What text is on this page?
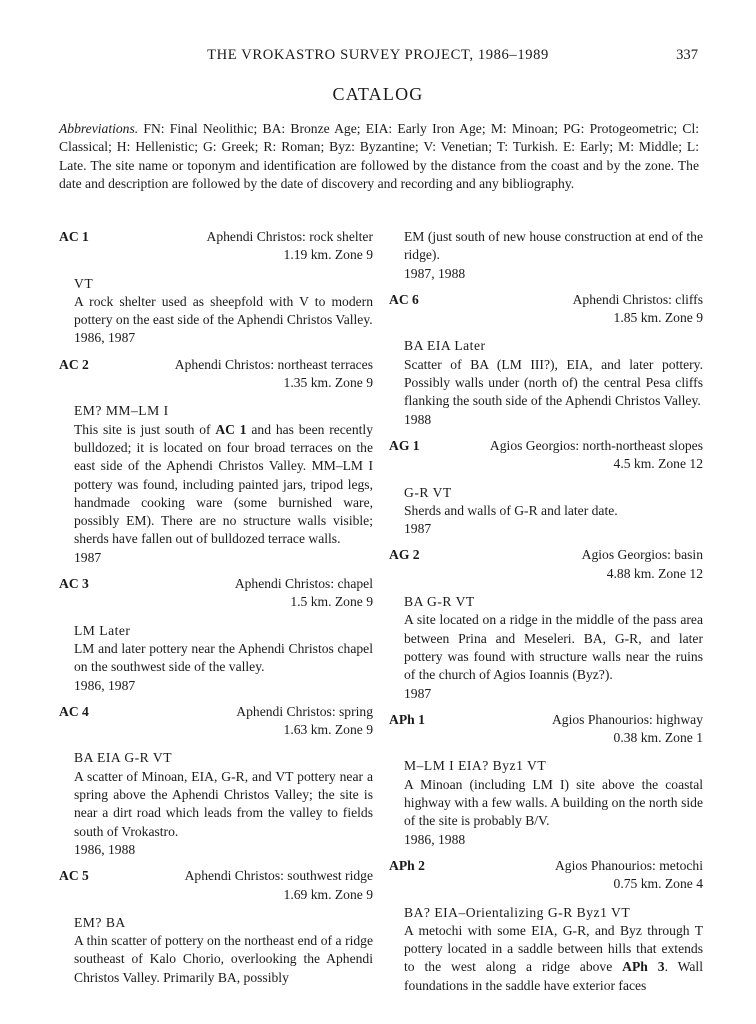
THE VROKASTRO SURVEY PROJECT, 1986–1989	337
CATALOG
Abbreviations. FN: Final Neolithic; BA: Bronze Age; EIA: Early Iron Age; M: Minoan; PG: Protogeometric; Cl: Classical; H: Hellenistic; G: Greek; R: Roman; Byz: Byzantine; V: Venetian; T: Turkish. E: Early; M: Middle; L: Late. The site name or toponym and identification are followed by the distance from the coast and by the zone. The date and description are followed by the date of discovery and recording and any bibliography.
AC 1	Aphendi Christos: rock shelter
1.19 km. Zone 9
VT
A rock shelter used as sheepfold with V to modern pottery on the east side of the Aphendi Christos Valley.
1986, 1987
AC 2	Aphendi Christos: northeast terraces
1.35 km. Zone 9
EM? MM–LM I
This site is just south of AC 1 and has been recently bulldozed; it is located on four broad terraces on the east side of the Aphendi Christos Valley. MM–LM I pottery was found, including painted jars, tripod legs, handmade cooking ware (some burnished ware, possibly EM). There are no structure walls visible; sherds have fallen out of bulldozed terrace walls.
1987
AC 3	Aphendi Christos: chapel
1.5 km. Zone 9
LM Later
LM and later pottery near the Aphendi Christos chapel on the southwest side of the valley.
1986, 1987
AC 4	Aphendi Christos: spring
1.63 km. Zone 9
BA EIA G-R VT
A scatter of Minoan, EIA, G-R, and VT pottery near a spring above the Aphendi Christos Valley; the site is near a dirt road which leads from the valley to fields south of Vrokastro.
1986, 1988
AC 5	Aphendi Christos: southwest ridge
1.69 km. Zone 9
EM? BA
A thin scatter of pottery on the northeast end of a ridge southeast of Kalo Chorio, overlooking the Aphendi Christos Valley. Primarily BA, possibly
EM (just south of new house construction at end of the ridge).
1987, 1988
AC 6	Aphendi Christos: cliffs
1.85 km. Zone 9
BA EIA Later
Scatter of BA (LM III?), EIA, and later pottery. Possibly walls under (north of) the central Pesa cliffs flanking the south side of the Aphendi Christos Valley.
1988
AG 1	Agios Georgios: north-northeast slopes
4.5 km. Zone 12
G-R VT
Sherds and walls of G-R and later date.
1987
AG 2	Agios Georgios: basin
4.88 km. Zone 12
BA G-R VT
A site located on a ridge in the middle of the pass area between Prina and Meseleri. BA, G-R, and later pottery was found with structure walls near the ruins of the church of Agios Ioannis (Byz?).
1987
APh 1	Agios Phanourios: highway
0.38 km. Zone 1
M–LM I EIA? Byz1 VT
A Minoan (including LM I) site above the coastal highway with a few walls. A building on the north side of the site is probably B/V.
1986, 1988
APh 2	Agios Phanourios: metochi
0.75 km. Zone 4
BA? EIA–Orientalizing G-R Byz1 VT
A metochi with some EIA, G-R, and Byz through T pottery located in a saddle between hills that extends to the west along a ridge above APh 3. Wall foundations in the saddle have exterior faces
